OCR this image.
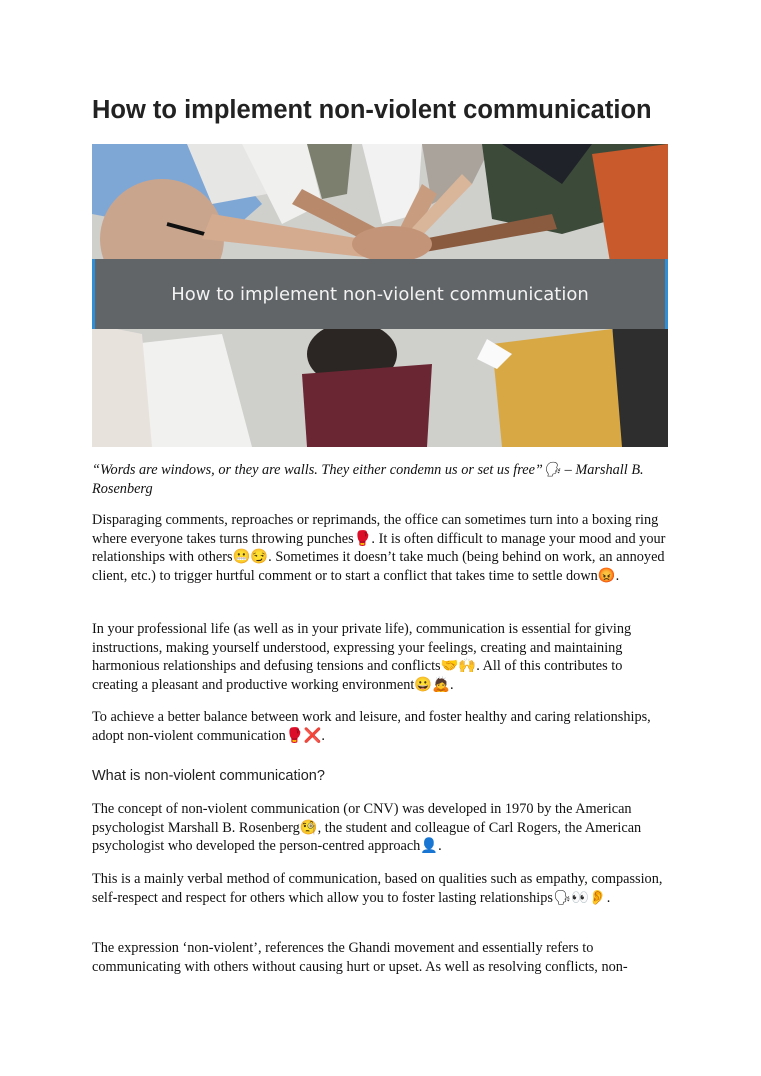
How to implement non-violent communication
How to implement non-violent communication

“Words are windows, or they are walls. They either condemn us or set us free”🗣 – Marshall B. Rosenberg

Disparaging comments, reproaches or reprimands, the office can sometimes turn into a boxing ring where everyone takes turns throwing punches🥊. It is often difficult to manage your mood and your relationships with others😬😏. Sometimes it doesn’t take much (being behind on work, an annoyed client, etc.) to trigger hurtful comment or to start a conflict that takes time to settle down😡.

In your professional life (as well as in your private life), communication is essential for giving instructions, making yourself understood, expressing your feelings, creating and maintaining harmonious relationships and defusing tensions and conflicts🤝🙌. All of this contributes to creating a pleasant and productive working environment😀🙇.

To achieve a better balance between work and leisure, and foster healthy and caring relationships, adopt non-violent communication🥊❌.

What is non-violent communication?

The concept of non-violent communication (or CNV) was developed in 1970 by the American psychologist Marshall B. Rosenberg🧐, the student and colleague of Carl Rogers, the American psychologist who developed the person-centred approach👤.

This is a mainly verbal method of communication, based on qualities such as empathy, compassion, self-respect and respect for others which allow you to foster lasting relationships🗣👀👂.

The expression ‘non-violent’, references the Ghandi movement and essentially refers to communicating with others without causing hurt or upset. As well as resolving conflicts, non-
